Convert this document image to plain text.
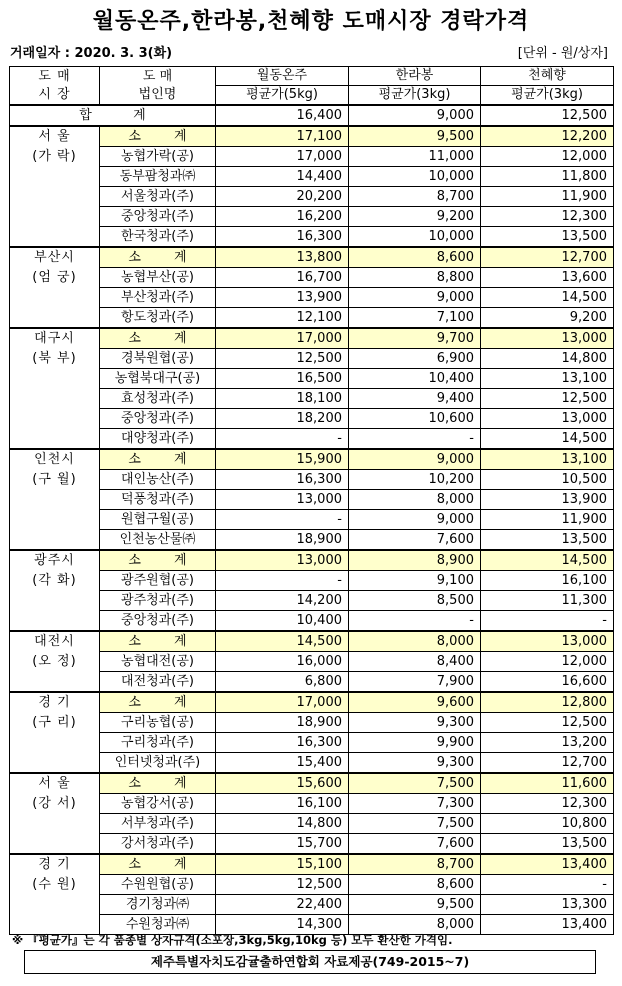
월동온주,한라봉,천혜향 도매시장 경락가격
거래일자 : 2020. 3. 3(화)	[단위 - 원/상자]
도 매
시 장	도 매
법인명	월동온주	한라봉	천혜향
		평균가(5kg)	평균가(3kg)	평균가(3kg)
합          계		16,400	9,000	12,500
서 울
(가 락)	소        계	17,100	9,500	12,200
	농협가락(공)	17,000	11,000	12,000
	동부팜청과㈜	14,400	10,000	11,800
	서울청과(주)	20,200	8,700	11,900
	중앙청과(주)	16,200	9,200	12,300
	한국청과(주)	16,300	10,000	13,500
부산시
(엄 궁)	소        계	13,800	8,600	12,700
	농협부산(공)	16,700	8,800	13,600
	부산청과(주)	13,900	9,000	14,500
	항도청과(주)	12,100	7,100	9,200
대구시
(북 부)	소        계	17,000	9,700	13,000
	경북원협(공)	12,500	6,900	14,800
	농협북대구(공)	16,500	10,400	13,100
	효성청과(주)	18,100	9,400	12,500
	중앙청과(주)	18,200	10,600	13,000
	대양청과(주)	-	-	14,500
인천시
(구 월)	소        계	15,900	9,000	13,100
	대인농산(주)	16,300	10,200	10,500
	덕풍청과(주)	13,000	8,000	13,900
	원협구월(공)	-	9,000	11,900
	인천농산물㈜	18,900	7,600	13,500
광주시
(각 화)	소        계	13,000	8,900	14,500
	광주원협(공)	-	9,100	16,100
	광주청과(주)	14,200	8,500	11,300
	중앙청과(주)	10,400	-	-
대전시
(오 정)	소        계	14,500	8,000	13,000
	농협대전(공)	16,000	8,400	12,000
	대전청과(주)	6,800	7,900	16,600
경 기
(구 리)	소        계	17,000	9,600	12,800
	구리농협(공)	18,900	9,300	12,500
	구리청과(주)	16,300	9,900	13,200
	인터넷청과(주)	15,400	9,300	12,700
서 울
(강 서)	소        계	15,600	7,500	11,600
	농협강서(공)	16,100	7,300	12,300
	서부청과(주)	14,800	7,500	10,800
	강서청과(주)	15,700	7,600	13,500
경 기
(수 원)	소        계	15,100	8,700	13,400
	수원원협(공)	12,500	8,600	-
	경기청과㈜	22,400	9,500	13,300
	수원청과㈜	14,300	8,000	13,400
※ 『평균가』는 각 품종별 상자규격(소포장,3kg,5kg,10kg 등) 모두 환산한 가격임.
제주특별자치도감귤출하연합회 자료제공(749-2015~7)
